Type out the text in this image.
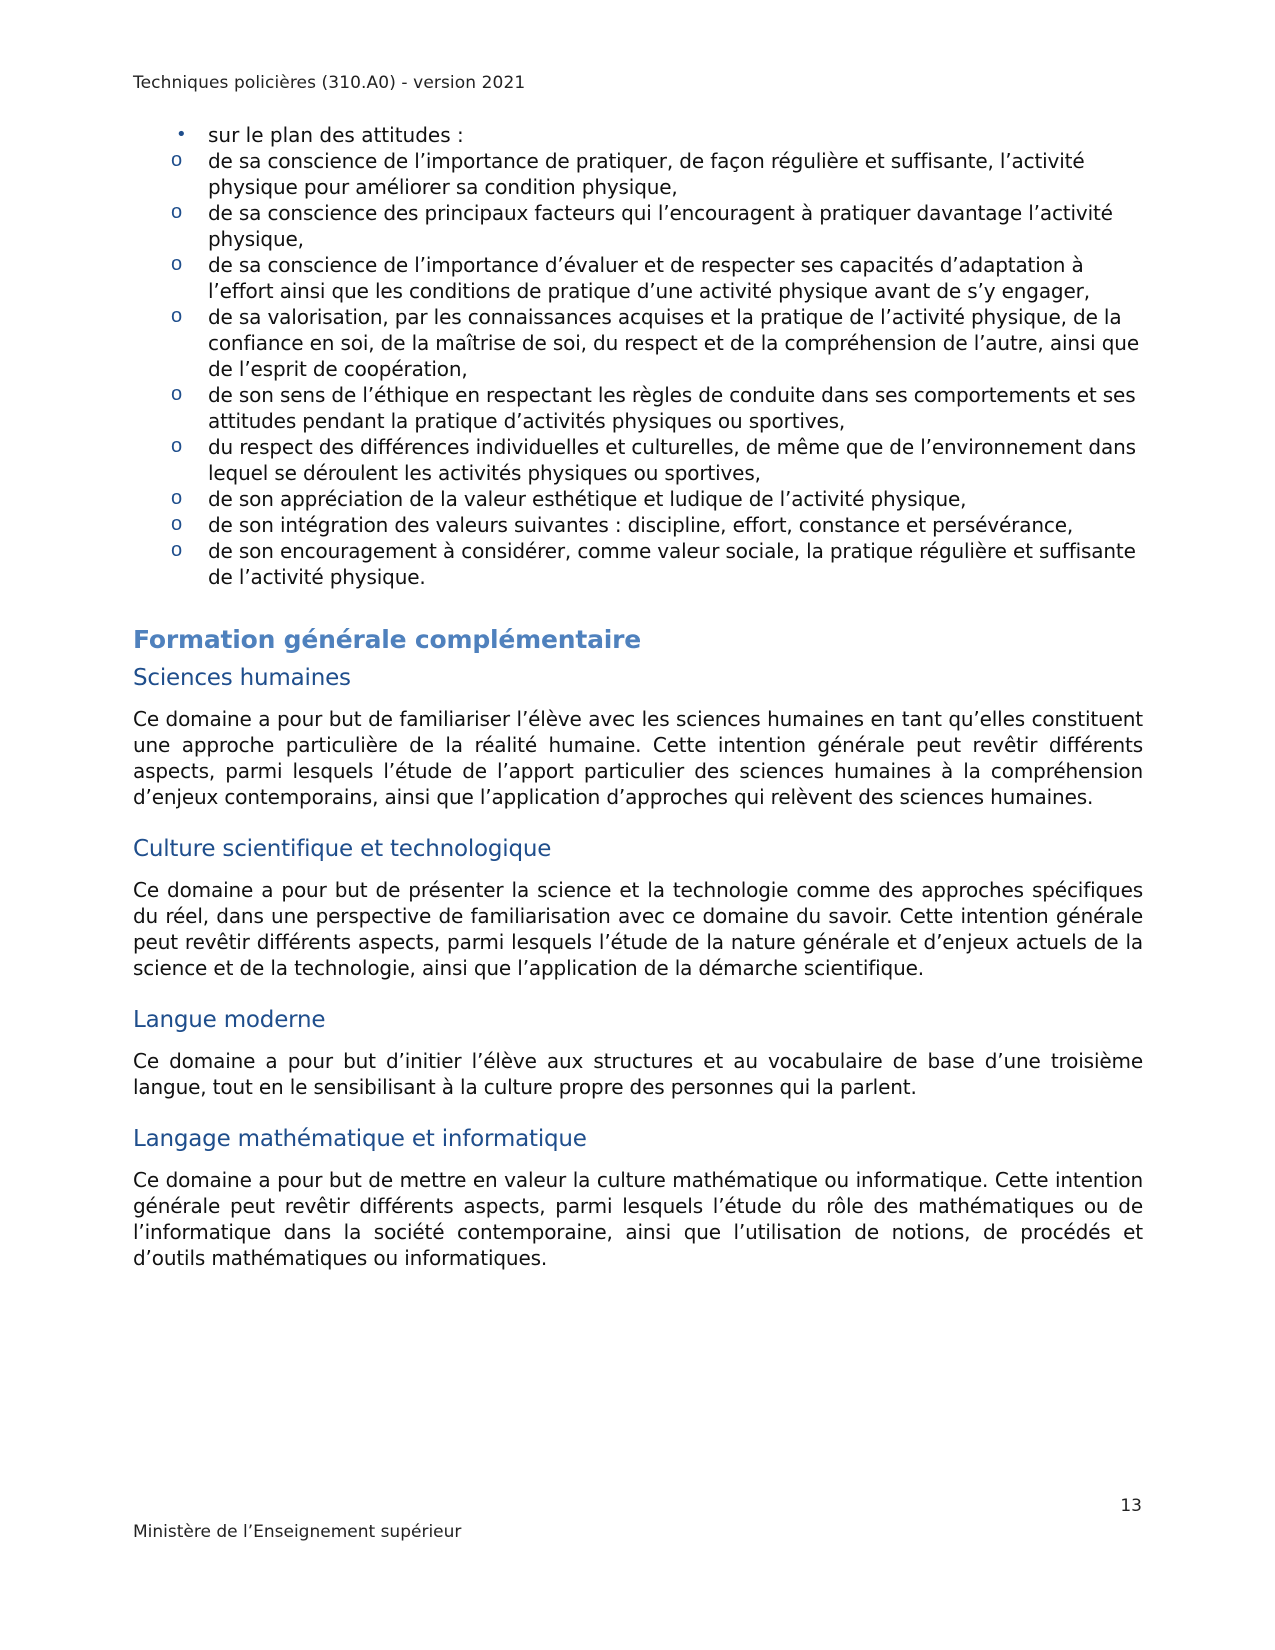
Techniques policières (310.A0) - version 2021
• sur le plan des attitudes :
o de sa conscience de l’importance de pratiquer, de façon régulière et suffisante, l’activité physique pour améliorer sa condition physique,
o de sa conscience des principaux facteurs qui l’encouragent à pratiquer davantage l’activité physique,
o de sa conscience de l’importance d’évaluer et de respecter ses capacités d’adaptation à l’effort ainsi que les conditions de pratique d’une activité physique avant de s’y engager,
o de sa valorisation, par les connaissances acquises et la pratique de l’activité physique, de la confiance en soi, de la maîtrise de soi, du respect et de la compréhension de l’autre, ainsi que de l’esprit de coopération,
o de son sens de l’éthique en respectant les règles de conduite dans ses comportements et ses attitudes pendant la pratique d’activités physiques ou sportives,
o du respect des différences individuelles et culturelles, de même que de l’environnement dans lequel se déroulent les activités physiques ou sportives,
o de son appréciation de la valeur esthétique et ludique de l’activité physique,
o de son intégration des valeurs suivantes : discipline, effort, constance et persévérance,
o de son encouragement à considérer, comme valeur sociale, la pratique régulière et suffisante de l’activité physique.
Formation générale complémentaire
Sciences humaines

Ce domaine a pour but de familiariser l’élève avec les sciences humaines en tant qu’elles constituent une approche particulière de la réalité humaine. Cette intention générale peut revêtir différents aspects, parmi lesquels l’étude de l’apport particulier des sciences humaines à la compréhension d’enjeux contemporains, ainsi que l’application d’approches qui relèvent des sciences humaines.

Culture scientifique et technologique

Ce domaine a pour but de présenter la science et la technologie comme des approches spécifiques du réel, dans une perspective de familiarisation avec ce domaine du savoir. Cette intention générale peut revêtir différents aspects, parmi lesquels l’étude de la nature générale et d’enjeux actuels de la science et de la technologie, ainsi que l’application de la démarche scientifique.

Langue moderne

Ce domaine a pour but d’initier l’élève aux structures et au vocabulaire de base d’une troisième langue, tout en le sensibilisant à la culture propre des personnes qui la parlent.

Langage mathématique et informatique

Ce domaine a pour but de mettre en valeur la culture mathématique ou informatique. Cette intention générale peut revêtir différents aspects, parmi lesquels l’étude du rôle des mathématiques ou de l’informatique dans la société contemporaine, ainsi que l’utilisation de notions, de procédés et d’outils mathématiques ou informatiques.

13
Ministère de l’Enseignement supérieur
